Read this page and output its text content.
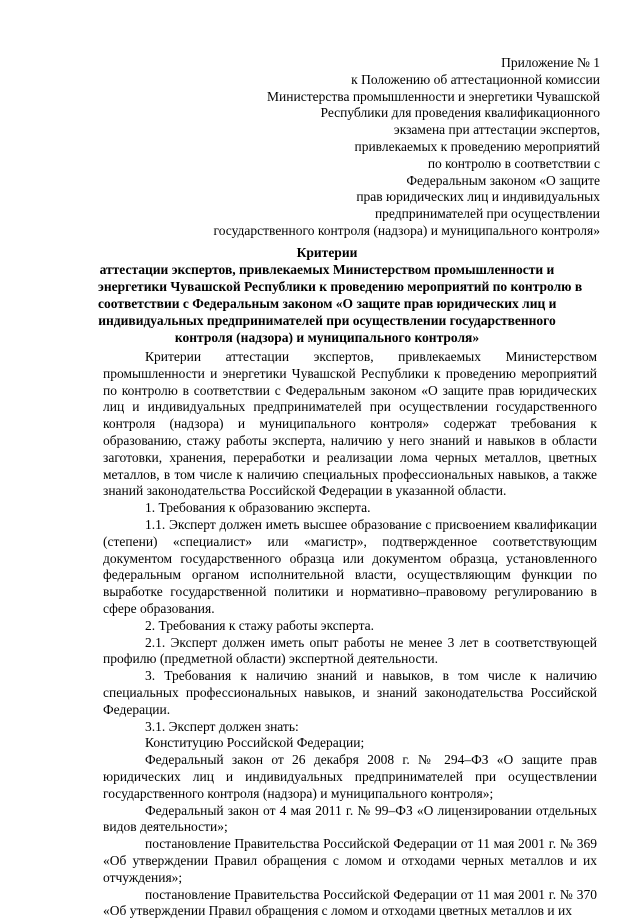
Приложение № 1
к Положению об аттестационной комиссии
Министерства промышленности и энергетики Чувашской
Республики для проведения квалификационного
экзамена при аттестации экспертов,
привлекаемых к проведению мероприятий
по контролю в соответствии с
Федеральным законом «О защите
прав юридических лиц и индивидуальных
предпринимателей при осуществлении
государственного контроля (надзора) и муниципального контроля»
Критерии
аттестации экспертов, привлекаемых Министерством промышленности и
энергетики Чувашской Республики к проведению мероприятий по контролю в
соответствии с Федеральным законом «О защите прав юридических лиц и
индивидуальных предпринимателей при осуществлении государственного
контроля (надзора) и муниципального контроля»

Критерии аттестации экспертов, привлекаемых Министерством промышленности и энергетики Чувашской Республики к проведению мероприятий по контролю в соответствии с Федеральным законом «О защите прав юридических лиц и индивидуальных предпринимателей при осуществлении государственного контроля (надзора) и муниципального контроля» содержат требования к образованию, стажу работы эксперта, наличию у него знаний и навыков в области заготовки, хранения, переработки и реализации лома черных металлов, цветных металлов, в том числе к наличию специальных профессиональных навыков, а также знаний законодательства Российской Федерации в указанной области.

1. Требования к образованию эксперта.

1.1. Эксперт должен иметь высшее образование с присвоением квалификации (степени) «специалист» или «магистр», подтвержденное соответствующим документом государственного образца или документом образца, установленного федеральным органом исполнительной власти, осуществляющим функции по выработке государственной политики и нормативно–правовому регулированию в сфере образования.

2. Требования к стажу работы эксперта.

2.1. Эксперт должен иметь опыт работы не менее 3 лет в соответствующей профилю (предметной области) экспертной деятельности.

3. Требования к наличию знаний и навыков, в том числе к наличию специальных профессиональных навыков, и знаний законодательства Российской Федерации.

3.1. Эксперт должен знать:

Конституцию Российской Федерации;

Федеральный закон от 26 декабря 2008 г. № 294–ФЗ «О защите прав юридических лиц и индивидуальных предпринимателей при осуществлении государственного контроля (надзора) и муниципального контроля»;

Федеральный закон от 4 мая 2011 г. № 99–ФЗ «О лицензировании отдельных видов деятельности»;

постановление Правительства Российской Федерации от 11 мая 2001 г. № 369 «Об утверждении Правил обращения с ломом и отходами черных металлов и их отчуждения»;

постановление Правительства Российской Федерации от 11 мая 2001 г. № 370 «Об утверждении Правил обращения с ломом и отходами цветных металлов и их
